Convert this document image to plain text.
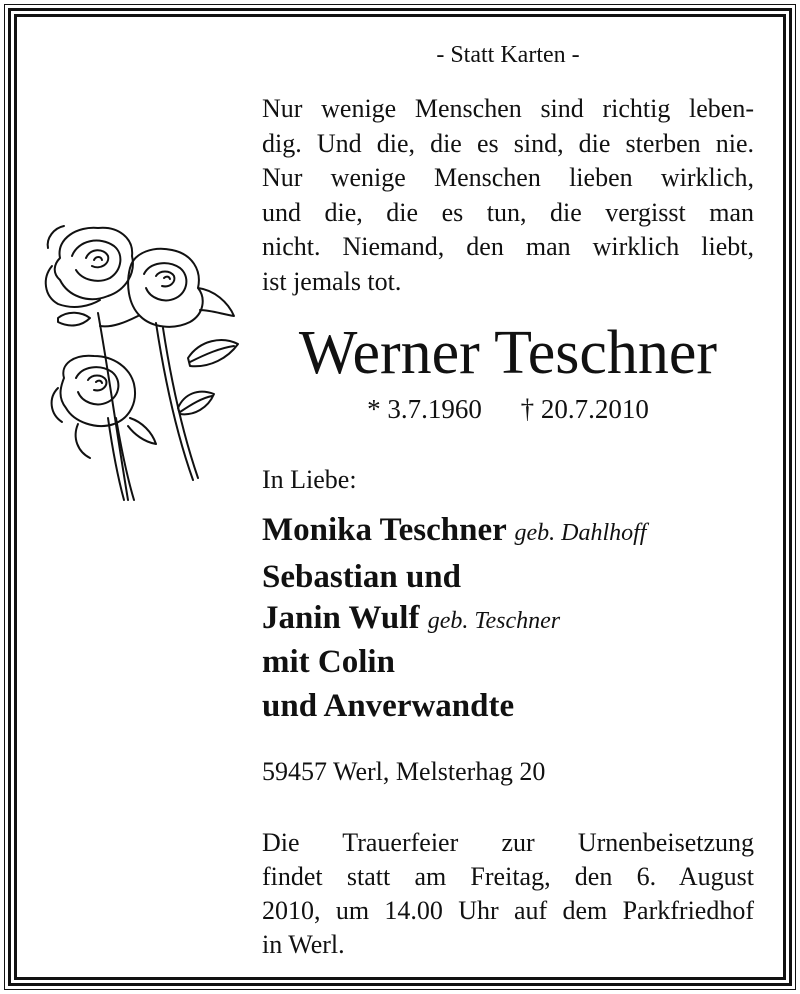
- Statt Karten -
Nur wenige Menschen sind richtig leben-
dig. Und die, die es sind, die sterben nie.
Nur wenige Menschen lieben wirklich,
und die, die es tun, die vergisst man
nicht. Niemand, den man wirklich liebt,
ist jemals tot.
Werner Teschner
* 3.7.1960 † 20.7.2010
In Liebe:
Monika Teschner geb. Dahlhoff
Sebastian und
Janin Wulf geb. Teschner
mit Colin
und Anverwandte
59457 Werl, Melsterhag 20
Die Trauerfeier zur Urnenbeisetzung
findet statt am Freitag, den 6. August
2010, um 14.00 Uhr auf dem Parkfriedhof
in Werl.
